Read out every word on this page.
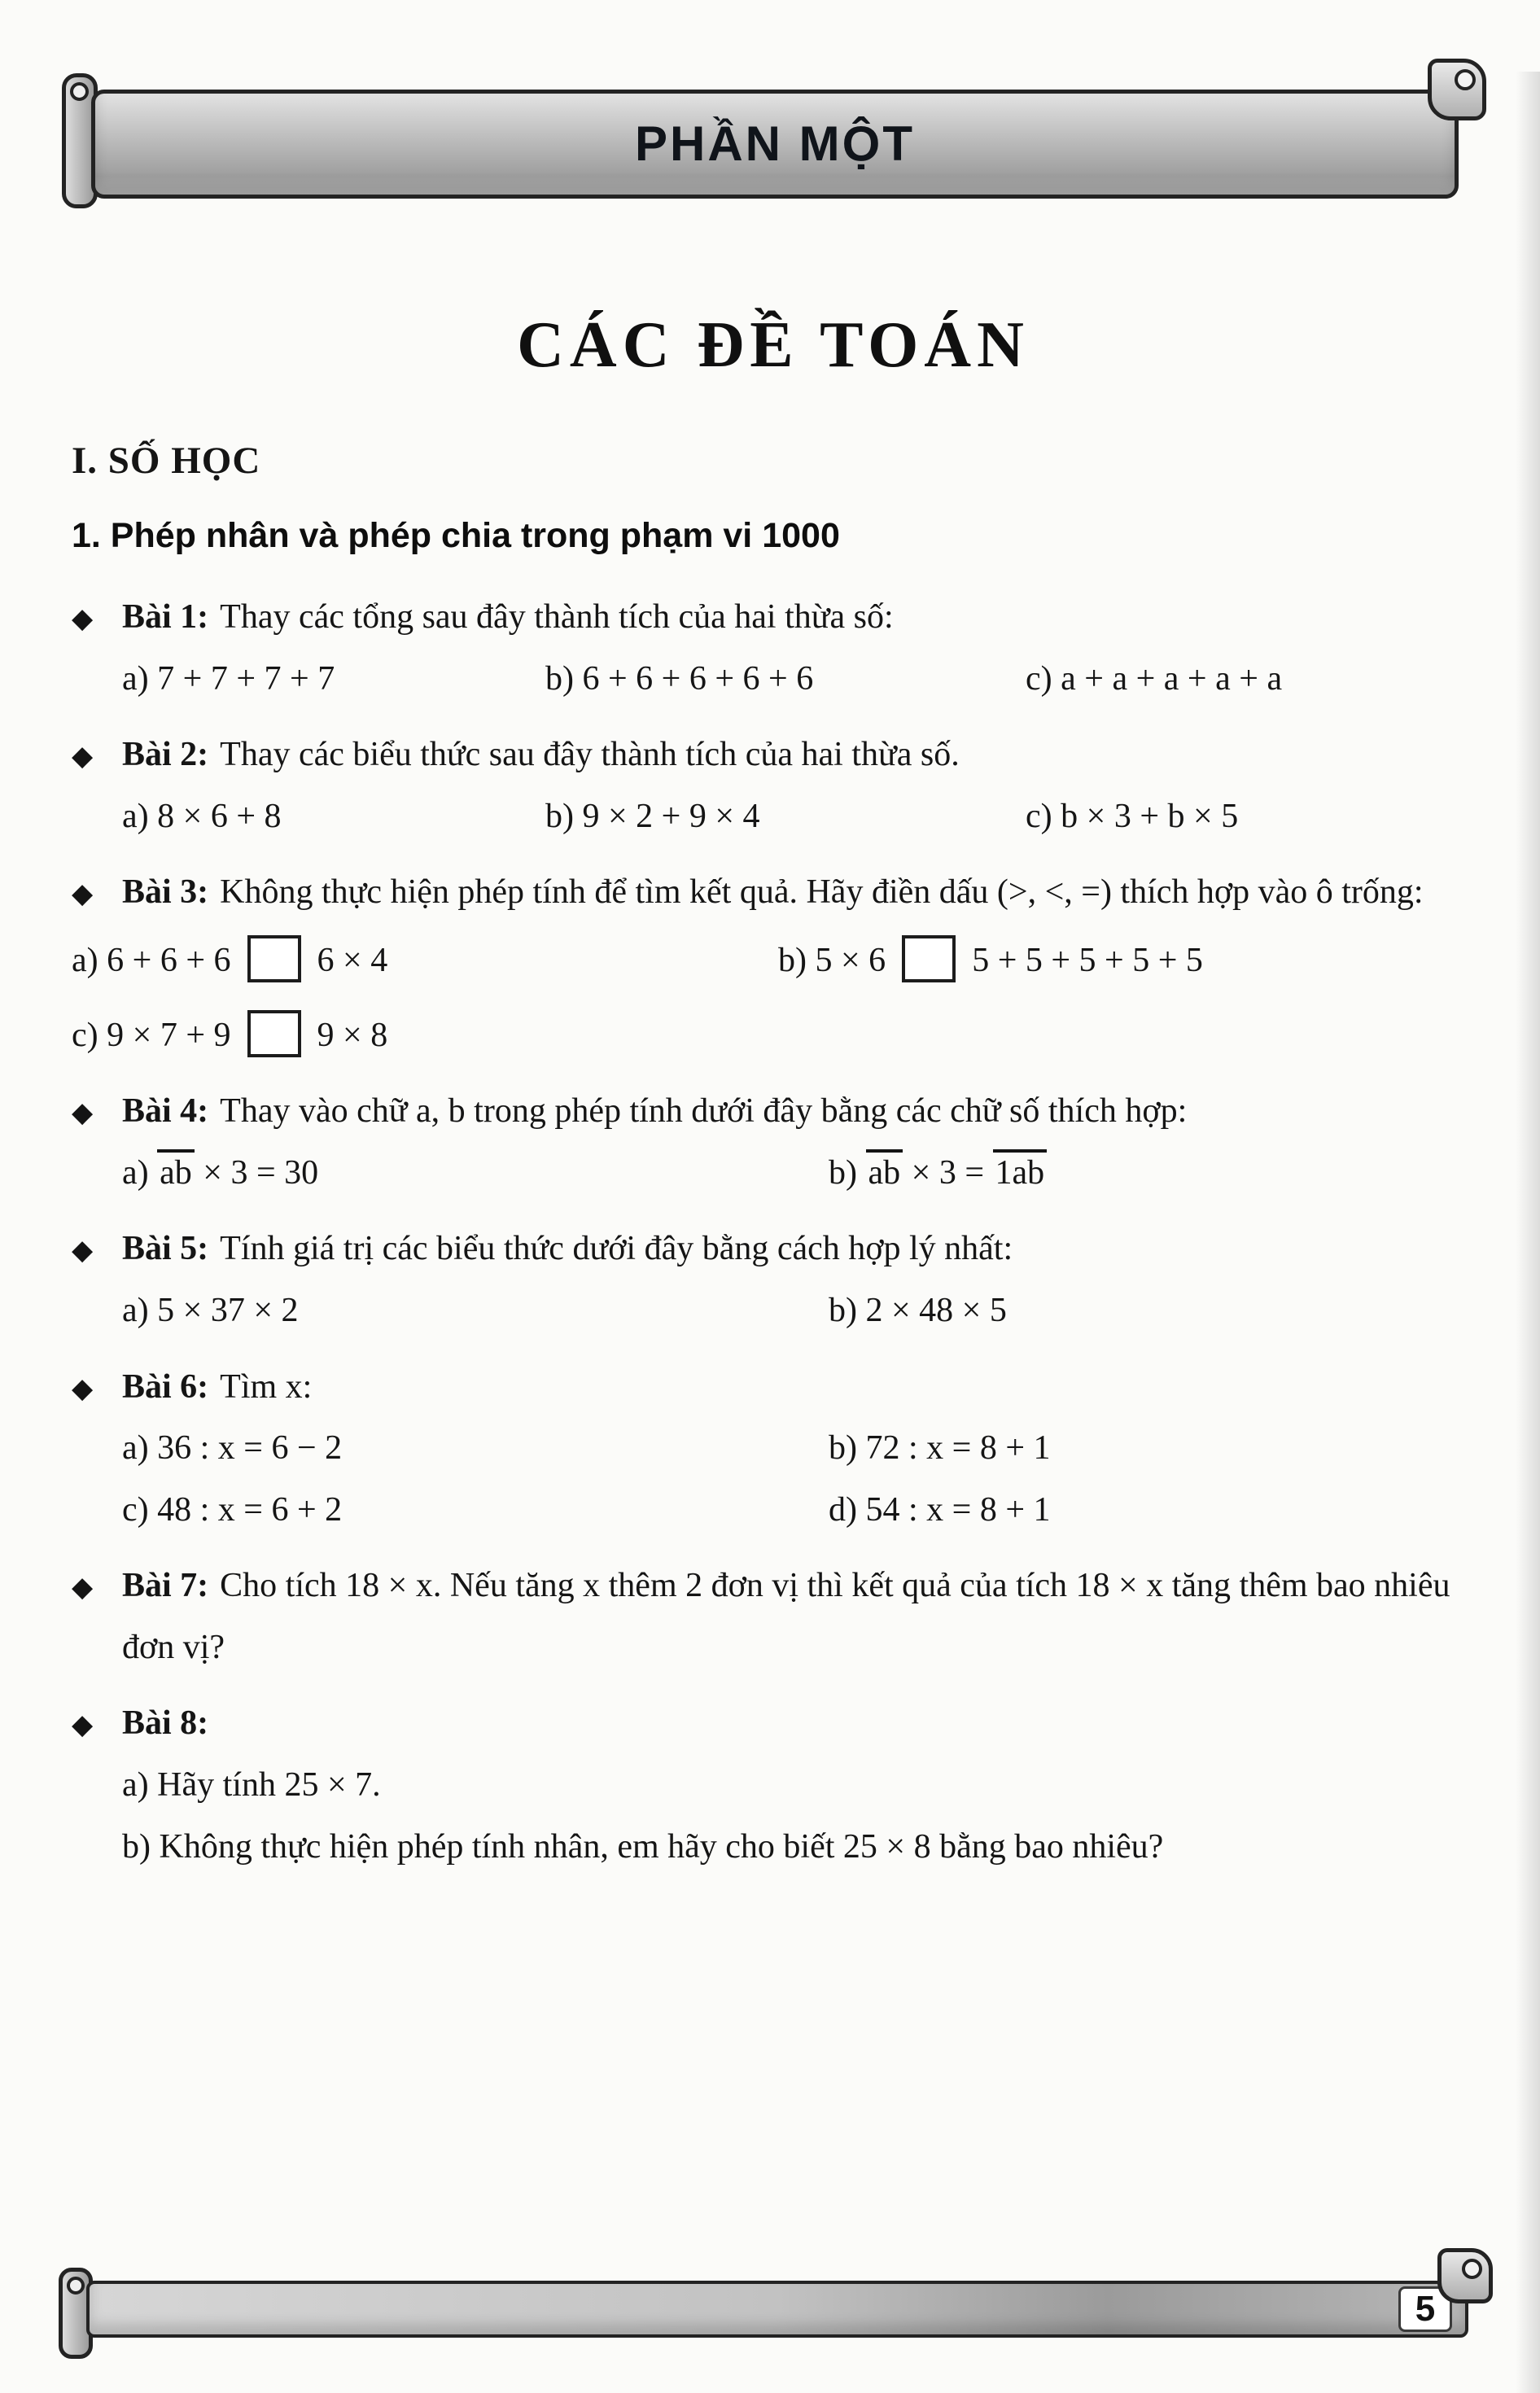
PHẦN MỘT
CÁC ĐỀ TOÁN
I. SỐ HỌC
1. Phép nhân và phép chia trong phạm vi 1000
◆
Bài 1: Thay các tổng sau đây thành tích của hai thừa số:
a) 7 + 7 + 7 + 7	b) 6 + 6 + 6 + 6 + 6	c) a + a + a + a + a
◆
Bài 2: Thay các biểu thức sau đây thành tích của hai thừa số.
a) 8 × 6 + 8	b) 9 × 2 + 9 × 4	c) b × 3 + b × 5
◆
Bài 3: Không thực hiện phép tính để tìm kết quả. Hãy điền dấu (>, <, =) thích hợp vào ô trống:
a) 6 + 6 + 6	6 × 4	b) 5 × 6	5 + 5 + 5 + 5 + 5
c) 9 × 7 + 9	9 × 8
◆
Bài 4: Thay vào chữ a, b trong phép tính dưới đây bằng các chữ số thích hợp:
a) ab × 3 = 30	b) ab × 3 = 1ab
◆
Bài 5: Tính giá trị các biểu thức dưới đây bằng cách hợp lý nhất:
a) 5 × 37 × 2	b) 2 × 48 × 5
◆
Bài 6: Tìm x:
a) 36 : x = 6 − 2	b) 72 : x = 8 + 1
c) 48 : x = 6 + 2	d) 54 : x = 8 + 1
◆
Bài 7: Cho tích 18 × x. Nếu tăng x thêm 2 đơn vị thì kết quả của tích 18 × x tăng thêm bao nhiêu đơn vị?
◆
Bài 8:
a) Hãy tính 25 × 7.
b) Không thực hiện phép tính nhân, em hãy cho biết 25 × 8 bằng bao nhiêu?
5
